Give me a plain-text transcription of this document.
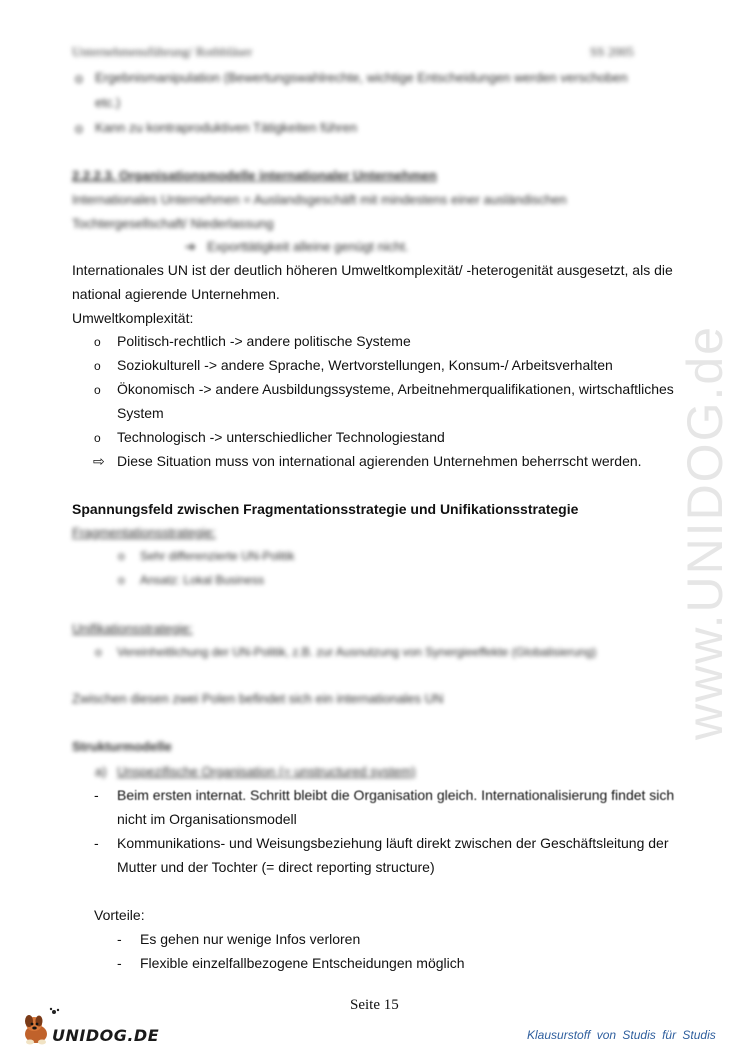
www.UNIDOG.de
Unternehmensführung/ Rothbläser	SS 2005
o Ergebnismanipulation (Bewertungswahlrechte, wichtige Entscheidungen werden verschoben
etc.)
o Kann zu kontraproduktiven Tätigkeiten führen
2.2.2.3. Organisationsmodelle internationaler Unternehmen
Internationales Unternehmen = Auslandsgeschäft mit mindestens einer ausländischen
Tochtergesellschaft/ Niederlassung
➔ Exporttätigkeit alleine genügt nicht.
Internationales UN ist der deutlich höheren Umweltkomplexität/ -heterogenität ausgesetzt, als die
national agierende Unternehmen.
Umweltkomplexität:
o Politisch-rechtlich -> andere politische Systeme
o Soziokulturell -> andere Sprache, Wertvorstellungen, Konsum-/ Arbeitsverhalten
o Ökonomisch -> andere Ausbildungssysteme, Arbeitnehmerqualifikationen, wirtschaftliches
System
o Technologisch -> unterschiedlicher Technologiestand
⇨ Diese Situation muss von international agierenden Unternehmen beherrscht werden.
Spannungsfeld zwischen Fragmentationsstrategie und Unifikationsstrategie
Fragmentationsstrategie:
o Sehr differenzierte UN-Politik
o Ansatz: Lokal Business
Unifikationsstrategie:
o Vereinheitlichung der UN-Politik, z.B. zur Ausnutzung von Synergieeffekte (Globalisierung)
Zwischen diesen zwei Polen befindet sich ein internationales UN
Strukturmodelle
a) Unspezifische Organisation (= unstructured system)
- Beim ersten internat. Schritt bleibt die Organisation gleich. Internationalisierung findet sich
nicht im Organisationsmodell
- Kommunikations- und Weisungsbeziehung läuft direkt zwischen der Geschäftsleitung der
Mutter und der Tochter (= direct reporting structure)
Vorteile:
- Es gehen nur wenige Infos verloren
- Flexible einzelfallbezogene Entscheidungen möglich
Seite 15
UNIDOG.DE	Klausurstoff von Studis für Studis
